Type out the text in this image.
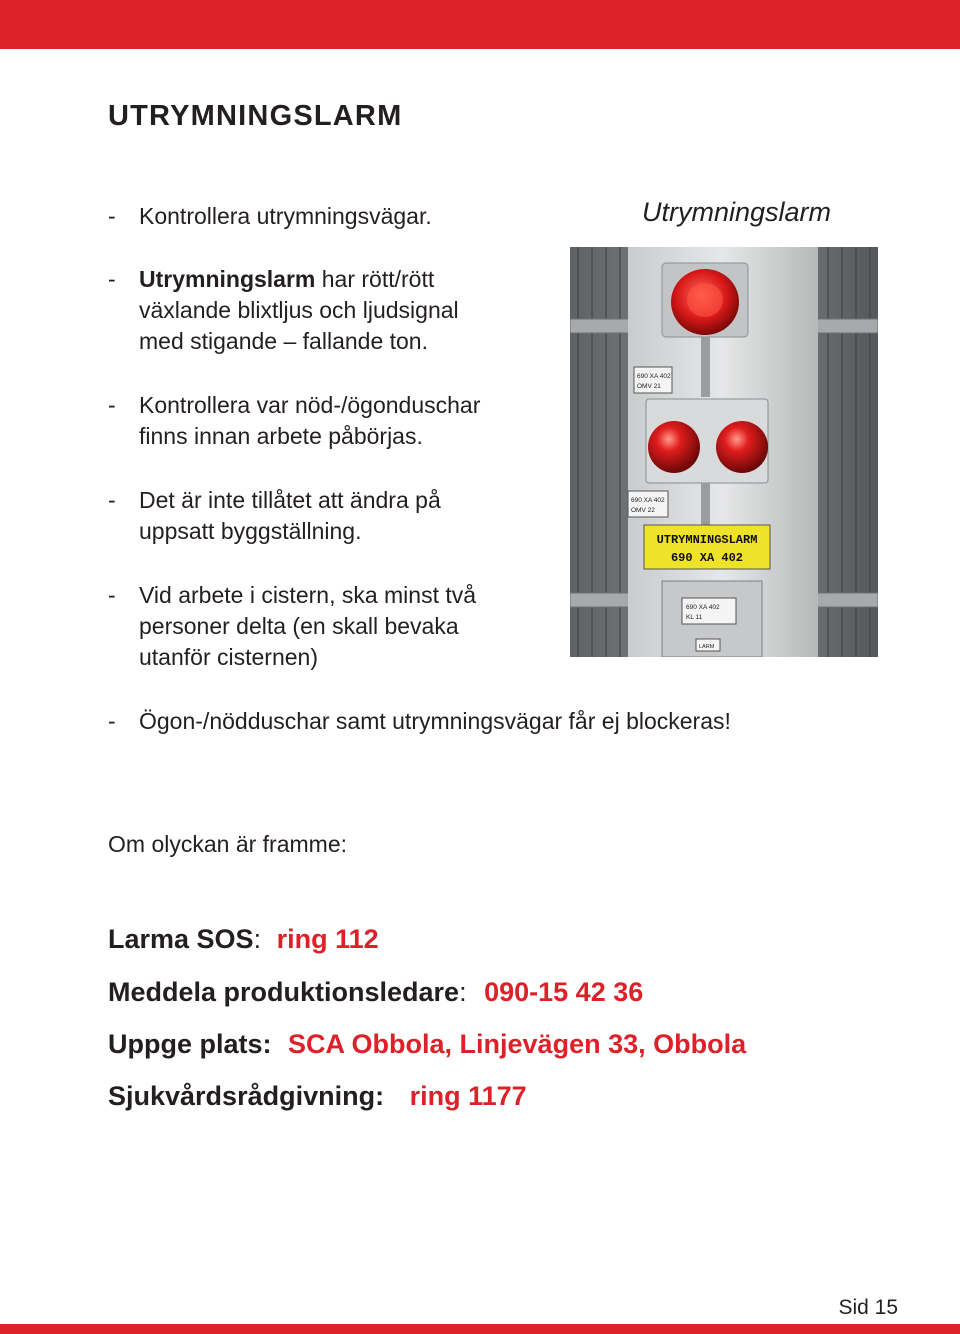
UTRYMNINGSLARM
- Kontrollera utrymningsvägar.
- Utrymningslarm har rött/rött
växlande blixtljus och ljudsignal
med stigande – fallande ton.
- Kontrollera var nöd-/ögonduschar
finns innan arbete påbörjas.
- Det är inte tillåtet att ändra på
uppsatt byggställning.
- Vid arbete i cistern, ska minst två
personer delta (en skall bevaka
utanför cisternen)
- Ögon-/nödduschar samt utrymningsvägar får ej blockeras!
Utrymningslarm
690 XA 402
OMV 21
690 XA 402
OMV 22
UTRYMNINGSLARM
690 XA 402
690 XA 402
KL 11
LARM
Om olyckan är framme:
Larma SOS: ring 112
Meddela produktionsledare: 090-15 42 36
Uppge plats: SCA Obbola, Linjevägen 33, Obbola
Sjukvårdsrådgivning: ring 1177
Sid 15
